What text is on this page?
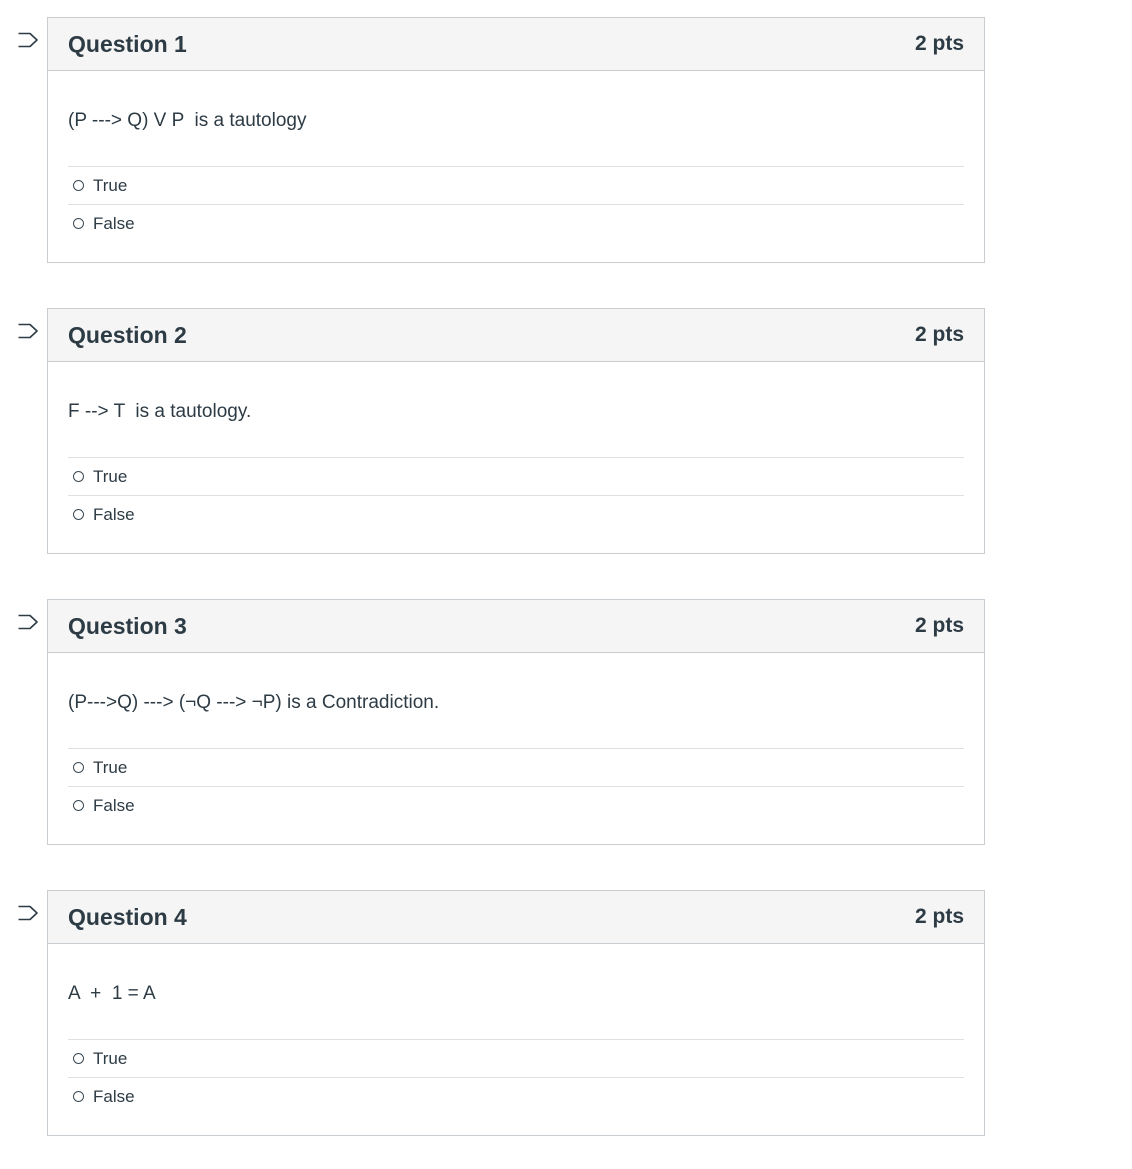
Question 1	2 pts
(P ---> Q) V P  is a tautology
True
False
Question 2	2 pts
F --> T  is a tautology.
True
False
Question 3	2 pts
(P--->Q) ---> (¬Q ---> ¬P) is a Contradiction.
True
False
Question 4	2 pts
A  +  1 = A
True
False
